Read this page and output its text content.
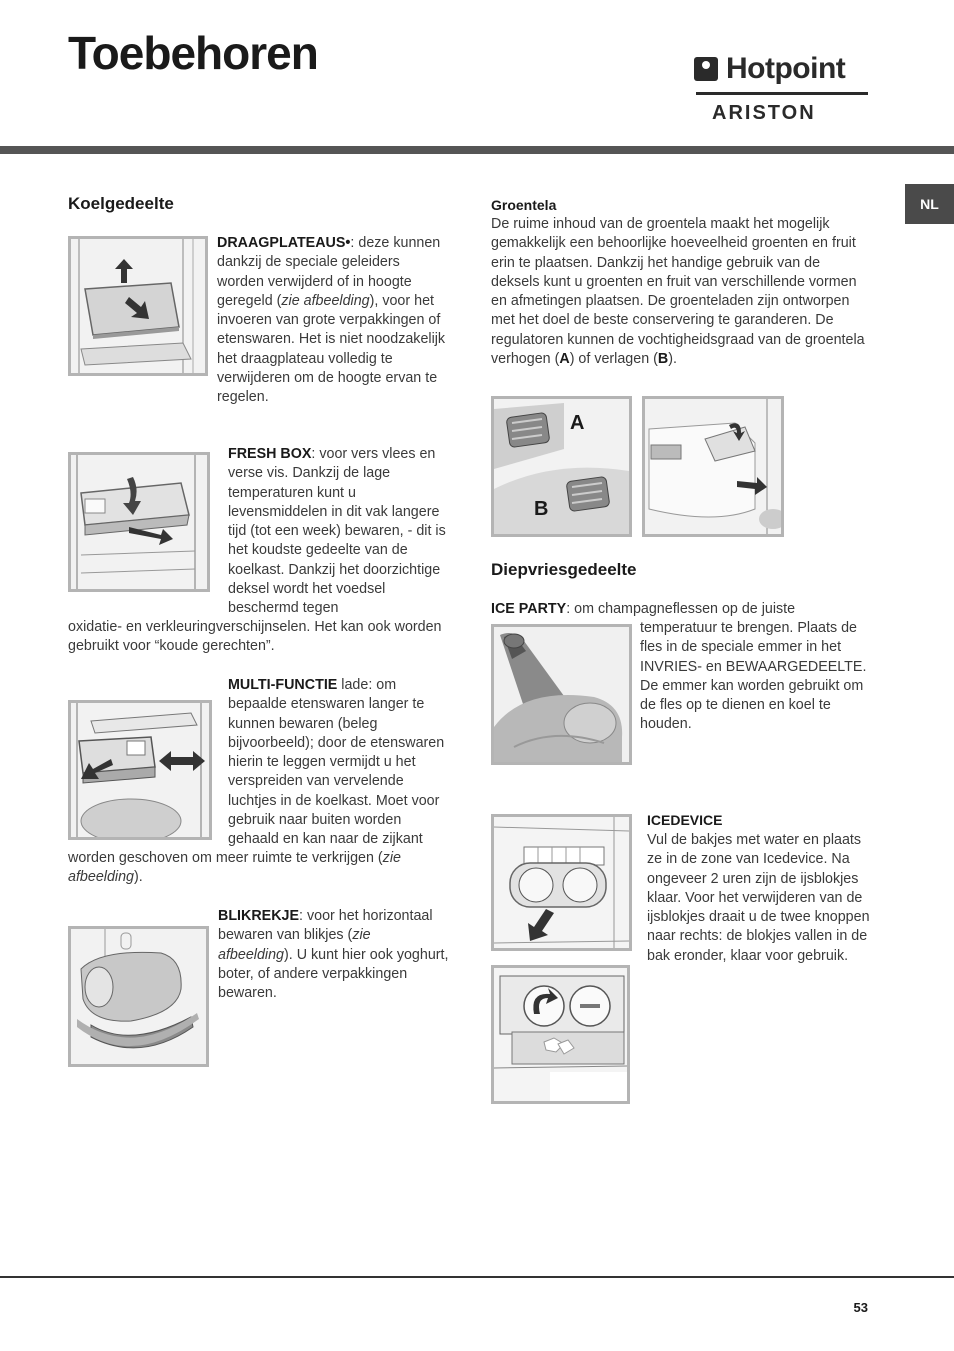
Toebehoren	Hotpoint
ARISTON
NL
Koelgedeelte

DRAAGPLATEAUS•: deze kunnen dankzij de speciale geleiders worden verwijderd of in hoogte geregeld (zie afbeelding), voor het invoeren van grote verpakkingen of etenswaren. Het is niet noodzakelijk het draagplateau volledig te verwijderen om de hoogte ervan te regelen.

FRESH BOX: voor vers vlees en verse vis. Dankzij de lage temperaturen kunt u levensmiddelen in dit vak langere tijd (tot een week) bewaren, - dit is het koudste gedeelte van de koelkast. Dankzij het doorzichtige deksel wordt het voedsel beschermd tegen

oxidatie- en verkleuringverschijnselen. Het kan ook worden gebruikt voor “koude gerechten”.

MULTI-FUNCTIE lade: om bepaalde etenswaren langer te kunnen bewaren (beleg bijvoorbeeld); door de etenswaren hierin te leggen vermijdt u het verspreiden van vervelende luchtjes in de koelkast. Moet voor gebruik naar buiten worden gehaald en kan naar de zijkant

worden geschoven om meer ruimte te verkrijgen (zie afbeelding).

BLIKREKJE: voor het horizontaal bewaren van blikjes (zie afbeelding). U kunt hier ook yoghurt, boter, of andere verpakkingen bewaren.

Groentela

De ruime inhoud van de groentela maakt het mogelijk gemakkelijk een behoorlijke hoeveelheid groenten en fruit erin te plaatsen. Dankzij het handige gebruik van de deksels kunt u groenten en fruit van verschillende vormen en afmetingen plaatsen. De groenteladen zijn ontworpen met het doel de beste conservering te garanderen. De regulatoren kunnen de vochtigheidsgraad van de groentela verhogen (A) of verlagen (B).

A
B
Diepvriesgedeelte

ICE PARTY: om champagneflessen op de juiste

temperatuur te brengen. Plaats de fles in de speciale emmer in het INVRIES- en BEWAARGEDEELTE.
De emmer kan worden gebruikt om de fles op te dienen en koel te houden.

ICEDEVICE

Vul de bakjes met water en plaats ze in de zone van Icedevice. Na ongeveer 2 uren zijn de ijsblokjes klaar. Voor het verwijderen van de ijsblokjes draait u de twee knoppen naar rechts: de blokjes vallen in de bak eronder, klaar voor gebruik.

53
